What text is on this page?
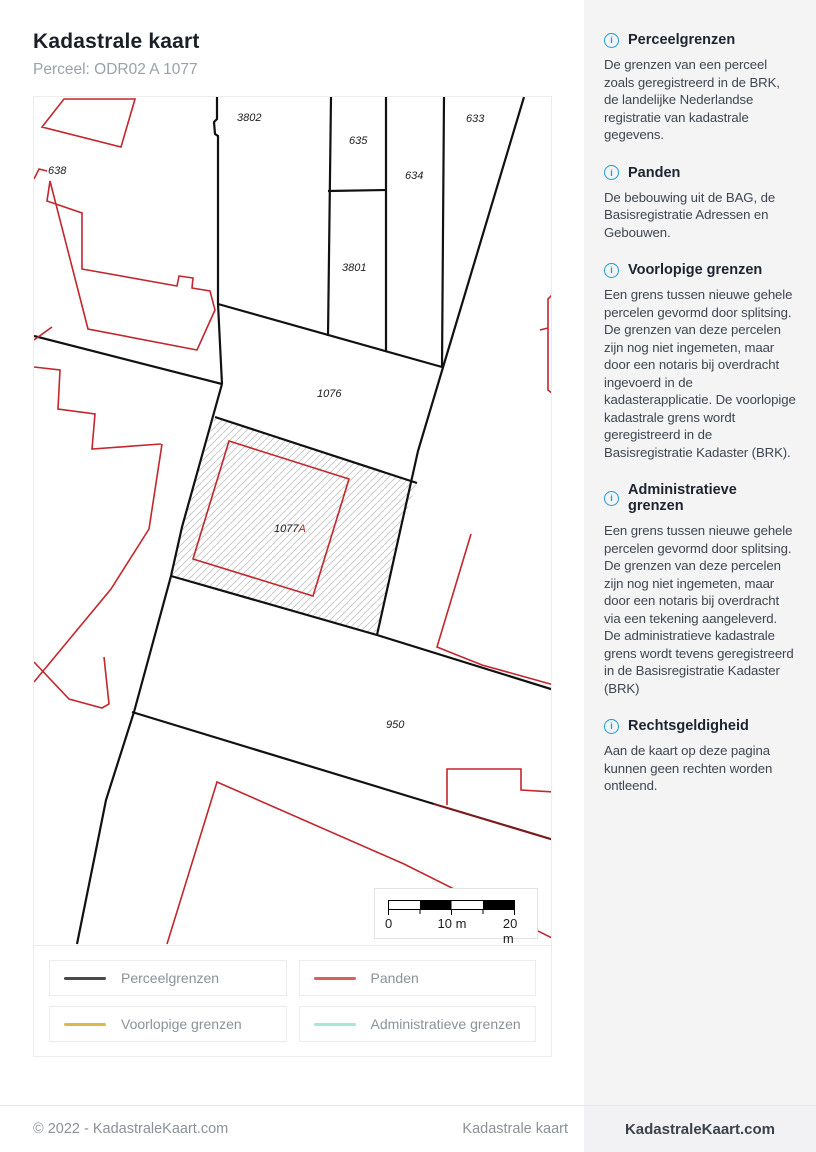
Kadastrale kaart
Perceel: ODR02 A 1077
3802
635
633
634
3801
638
1076
950
1077A
0	10 m	20 m
Perceelgrenzen	Panden
Voorlopige grenzen	Administratieve grenzen
i	Perceelgrenzen
De grenzen van een perceel zoals geregistreerd in de BRK, de landelijke Nederlandse registratie van kadastrale gegevens.
i	Panden
De bebouwing uit de BAG, de Basisregistratie Adressen en Gebouwen.
i	Voorlopige grenzen
Een grens tussen nieuwe gehele percelen gevormd door splitsing. De grenzen van deze percelen zijn nog niet ingemeten, maar door een notaris bij overdracht ingevoerd in de kadasterapplicatie. De voorlopige kadastrale grens wordt geregistreerd in de Basisregistratie Kadaster (BRK).
i	Administratieve grenzen
Een grens tussen nieuwe gehele percelen gevormd door splitsing. De grenzen van deze percelen zijn nog niet ingemeten, maar door een notaris bij overdracht via een tekening aangeleverd. De administratieve kadastrale grens wordt tevens geregistreerd in de Basisregistratie Kadaster (BRK)
i	Rechtsgeldigheid
Aan de kaart op deze pagina kunnen geen rechten worden ontleend.
© 2022 - KadastraleKaart.com	Kadastrale kaart	KadastraleKaart.com
